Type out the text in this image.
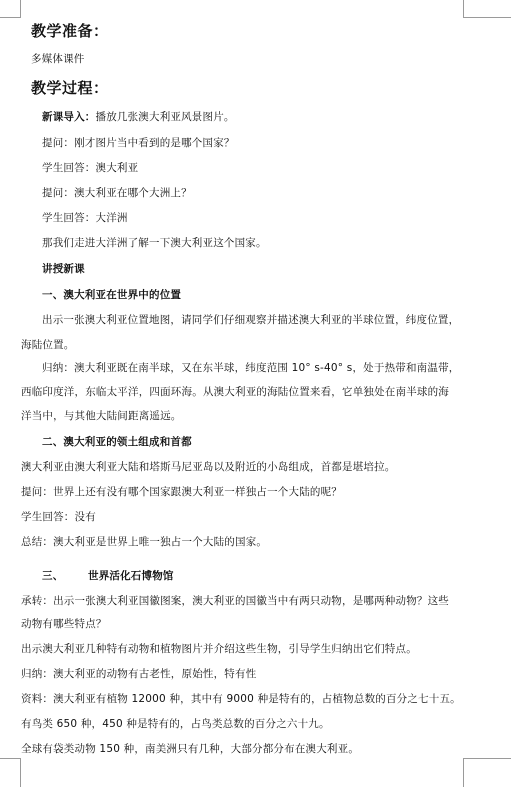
教学准备：
多媒体课件
教学过程：
新课导入：播放几张澳大利亚风景图片。
提问：刚才图片当中看到的是哪个国家？
学生回答：澳大利亚
提问：澳大利亚在哪个大洲上？
学生回答：大洋洲
那我们走进大洋洲了解一下澳大利亚这个国家。
讲授新课
一、澳大利亚在世界中的位置
出示一张澳大利亚位置地图，请同学们仔细观察并描述澳大利亚的半球位置，纬度位置，
海陆位置。
归纳：澳大利亚既在南半球，又在东半球，纬度范围 10° s-40° s，处于热带和南温带，
西临印度洋，东临太平洋，四面环海。从澳大利亚的海陆位置来看，它单独处在南半球的海
洋当中，与其他大陆间距离遥远。
二、澳大利亚的领土组成和首都
澳大利亚由澳大利亚大陆和塔斯马尼亚岛以及附近的小岛组成，首都是堪培拉。
提问：世界上还有没有哪个国家跟澳大利亚一样独占一个大陆的呢？
学生回答：没有
总结：澳大利亚是世界上唯一独占一个大陆的国家。
三、 世界活化石博物馆
承转：出示一张澳大利亚国徽图案，澳大利亚的国徽当中有两只动物，是哪两种动物？这些
动物有哪些特点？
出示澳大利亚几种特有动物和植物图片并介绍这些生物，引导学生归纳出它们特点。
归纳：澳大利亚的动物有古老性，原始性，特有性
资料：澳大利亚有植物 12000 种，其中有 9000 种是特有的，占植物总数的百分之七十五。
有鸟类 650 种，450 种是特有的，占鸟类总数的百分之六十九。
全球有袋类动物 150 种，南美洲只有几种，大部分都分布在澳大利亚。
